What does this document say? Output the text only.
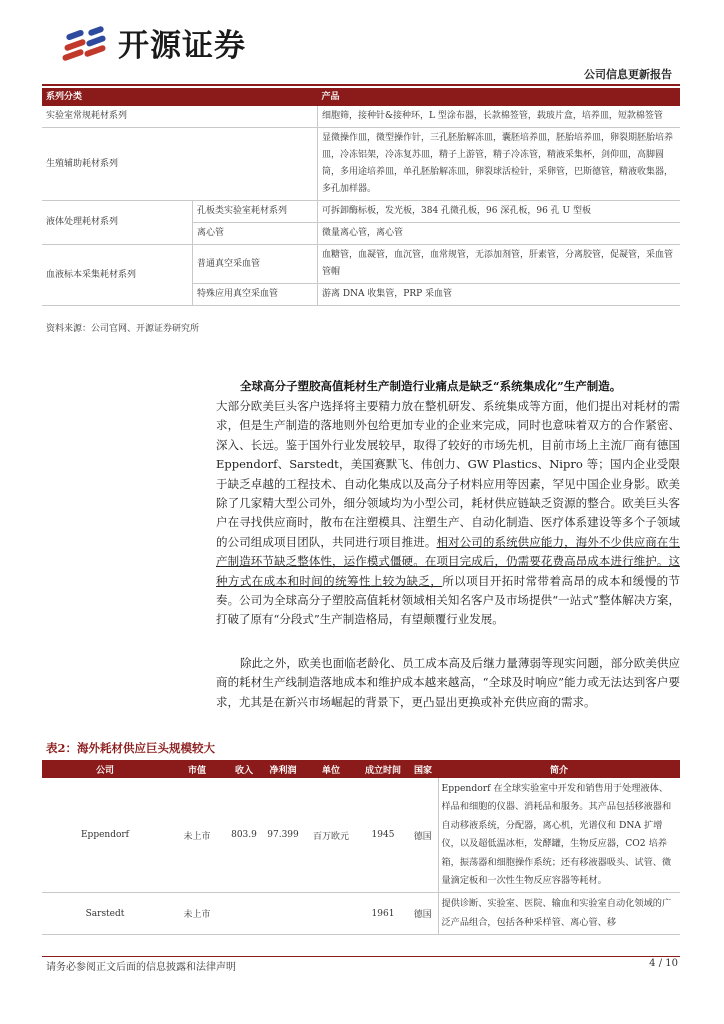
开源证券
公司信息更新报告
系列分类		产品
实验室常规耗材系列		细胞筛，接种针&接种环，L 型涂布器，长款棉签管，载玻片盒，培养皿，短款棉签管
生殖辅助耗材系列		显微操作皿，微型操作针，三孔胚胎解冻皿，囊胚培养皿，胚胎培养皿，卵裂期胚胎培养皿，冷冻铝架，冷冻复苏皿，精子上游管，精子冷冻管，精液采集杯，剑仰皿，高脚圆筒，多用途培养皿，单孔胚胎解冻皿，卵裂球活检针，采卵管，巴斯德管，精液收集器，多孔加样器。
液体处理耗材系列	孔板类实验室耗材系列	可拆卸酶标板，发光板，384 孔微孔板，96 深孔板，96 孔 U 型板
	离心管	微量离心管，离心管
血液标本采集耗材系列	普通真空采血管	血糖管，血凝管，血沉管，血常规管，无添加剂管，肝素管，分离胶管，促凝管，采血管管帽
	特殊应用真空采血管	游离 DNA 收集管，PRP 采血管
资料来源：公司官网、开源证券研究所
全球高分子塑胶高值耗材生产制造行业痛点是缺乏“系统集成化”生产制造。
大部分欧美巨头客户选择将主要精力放在整机研发、系统集成等方面，他们提出对耗材的需求，但是生产制造的落地则外包给更加专业的企业来完成，同时也意味着双方的合作紧密、深入、长远。鉴于国外行业发展较早，取得了较好的市场先机，目前市场上主流厂商有德国 Eppendorf、Sarstedt，美国赛默飞、伟创力、GW Plastics、Nipro 等；国内企业受限于缺乏卓越的工程技术、自动化集成以及高分子材料应用等因素，罕见中国企业身影。欧美除了几家精大型公司外，细分领域均为小型公司，耗材供应链缺乏资源的整合。欧美巨头客户在寻找供应商时，散布在注塑模具、注塑生产、自动化制造、医疗体系建设等多个子领域的公司组成项目团队，共同进行项目推进。相对公司的系统供应能力，海外不少供应商在生产制造环节缺乏整体性，运作模式僵硬。在项目完成后，仍需要花费高昂成本进行维护。这种方式在成本和时间的统筹性上较为缺乏，所以项目开拓时常带着高昂的成本和缓慢的节奏。公司为全球高分子塑胶高值耗材领域相关知名客户及市场提供“一站式”整体解决方案，打破了原有“分段式”生产制造格局，有望颠覆行业发展。
除此之外，欧美也面临老龄化、员工成本高及后继力量薄弱等现实问题，部分欧美供应商的耗材生产线制造落地成本和维护成本越来越高，“全球及时响应”能力或无法达到客户要求，尤其是在新兴市场崛起的背景下，更凸显出更换或补充供应商的需求。
表2：海外耗材供应巨头规模较大
公司	市值	收入	净利润	单位	成立时间	国家	简介
Eppendorf	未上市	803.9	97.399	百万欧元	1945	德国	Eppendorf 在全球实验室中开发和销售用于处理液体、样品和细胞的仪器、消耗品和服务。其产品包括移液器和自动移液系统，分配器，离心机，光谱仪和 DNA 扩增仪，以及超低温冰柜，发酵罐，生物反应器，CO2 培养箱，振荡器和细胞操作系统；还有移液器吸头、试管、微量滴定板和一次性生物反应容器等耗材。
Sarstedt	未上市				1961	德国	提供诊断、实验室、医院、输血和实验室自动化领域的广泛产品组合，包括各种采样管、离心管、移
请务必参阅正文后面的信息披露和法律声明	4 / 10
